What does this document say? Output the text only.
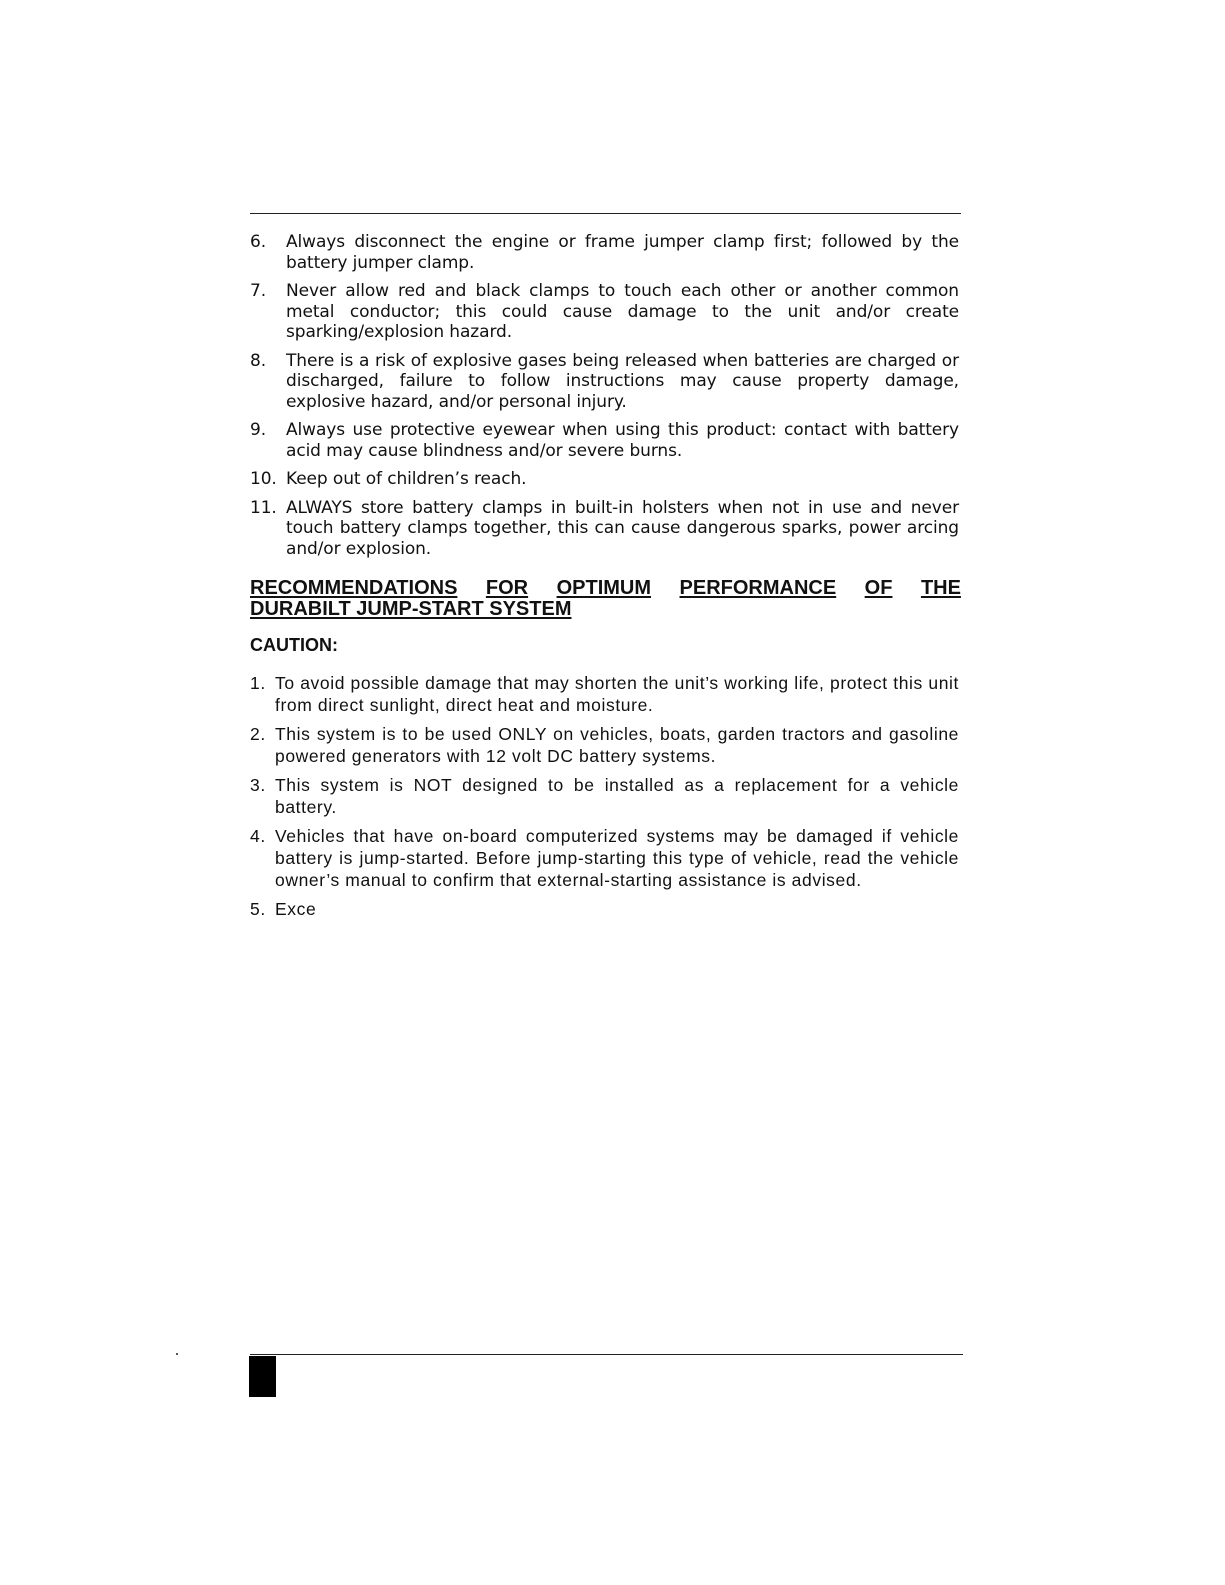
6. Always disconnect the engine or frame jumper clamp first; followed by the battery jumper clamp.
7. Never allow red and black clamps to touch each other or another common metal conductor; this could cause damage to the unit and/or create sparking/explosion hazard.
8. There is a risk of explosive gases being released when batteries are charged or discharged, failure to follow instructions may cause property damage, explosive hazard, and/or personal injury.
9. Always use protective eyewear when using this product: contact with battery acid may cause blindness and/or severe burns.
10. Keep out of children’s reach.
11. ALWAYS store battery clamps in built-in holsters when not in use and never touch battery clamps together, this can cause dangerous sparks, power arcing and/or explosion.
RECOMMENDATIONS FOR OPTIMUM PERFORMANCE OF THE
DURABILT JUMP-START SYSTEM
CAUTION:
1. To avoid possible damage that may shorten the unit’s working life, protect this unit from direct sunlight, direct heat and moisture.
2. This system is to be used ONLY on vehicles, boats, garden tractors and gasoline powered generators with 12 volt DC battery systems.
3. This system is NOT designed to be installed as a replacement for a vehicle battery.
4. Vehicles that have on-board computerized systems may be damaged if vehicle battery is jump-started. Before jump-starting this type of vehicle, read the vehicle owner’s manual to confirm that external-starting assistance is advised.
5. Exce
